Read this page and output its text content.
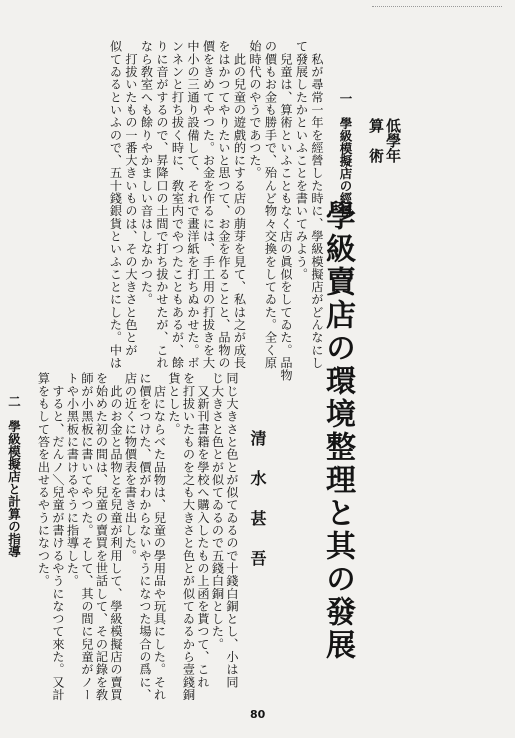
低學年
算　術
學級賣店の環境整理と其の發展
清水甚吾
一　學級模擬店の經營
　私が尋常一年を經營した時に、學級模擬店がどんなにし
て發展したかといふことを書いてみよう。
　兒童は、算術といふこともなく店の眞似をしてゐた。品物
の價もお金も勝手で、殆んど物々交換をしてゐた。全く原
始時代のやうであつた。
　此の兒童の遊戲的にする店の萠芽を見て、私は之が成長
をはかつてやりたいと思つて、お金を作ることと、品物の
價をきめてやつた。お金を作るには、手工用の打拔きを大
中小の三通り設備して、それで畫洋紙を打ちぬかせた。ボ
ンネンと打ち拔く時に、敎室内でやつたこともあるが、餘
りに音がするので、昇降口の土間で打ち拔かせたが、これ
なら敎室へも餘りやかましい音はしなかつた。
　打拔いたもの一番大きいものは、その大きさと色とが
似てゐるといふので、五十錢銀貨といふことにした。中は
同じ大きさと色とが似てゐるので十錢白銅とし、小は同
じ大きさと色とが似てゐるので五錢白銅とした。
　又新刊書籍を學校へ購入したもの上函を貰つて、これ
を打拔いたものを之も大きさと色とが似てゐるから壹錢銅
貨とした。
　店にならべた品物は、兒童の學用品や玩具にした。それ
に價をつけた、價がわからないやうになつた場合の爲に、
店の近くに物價表を書き出した。
　此のお金と品物とを兒童が利用して、學級模擬店の賣買
を始めた初の間は、兒童の賣買を世話して、その記錄を敎
師が小黑板に書いてやつた。そして、其の間に兒童がノー
トや小黑板に書けるやうに指導した。
　すると、だんノ＼兒童が書けるやうになつて來た。又計
算をもして答を出せるやうになつた。
80
二　學級模擬店と計算の指導
